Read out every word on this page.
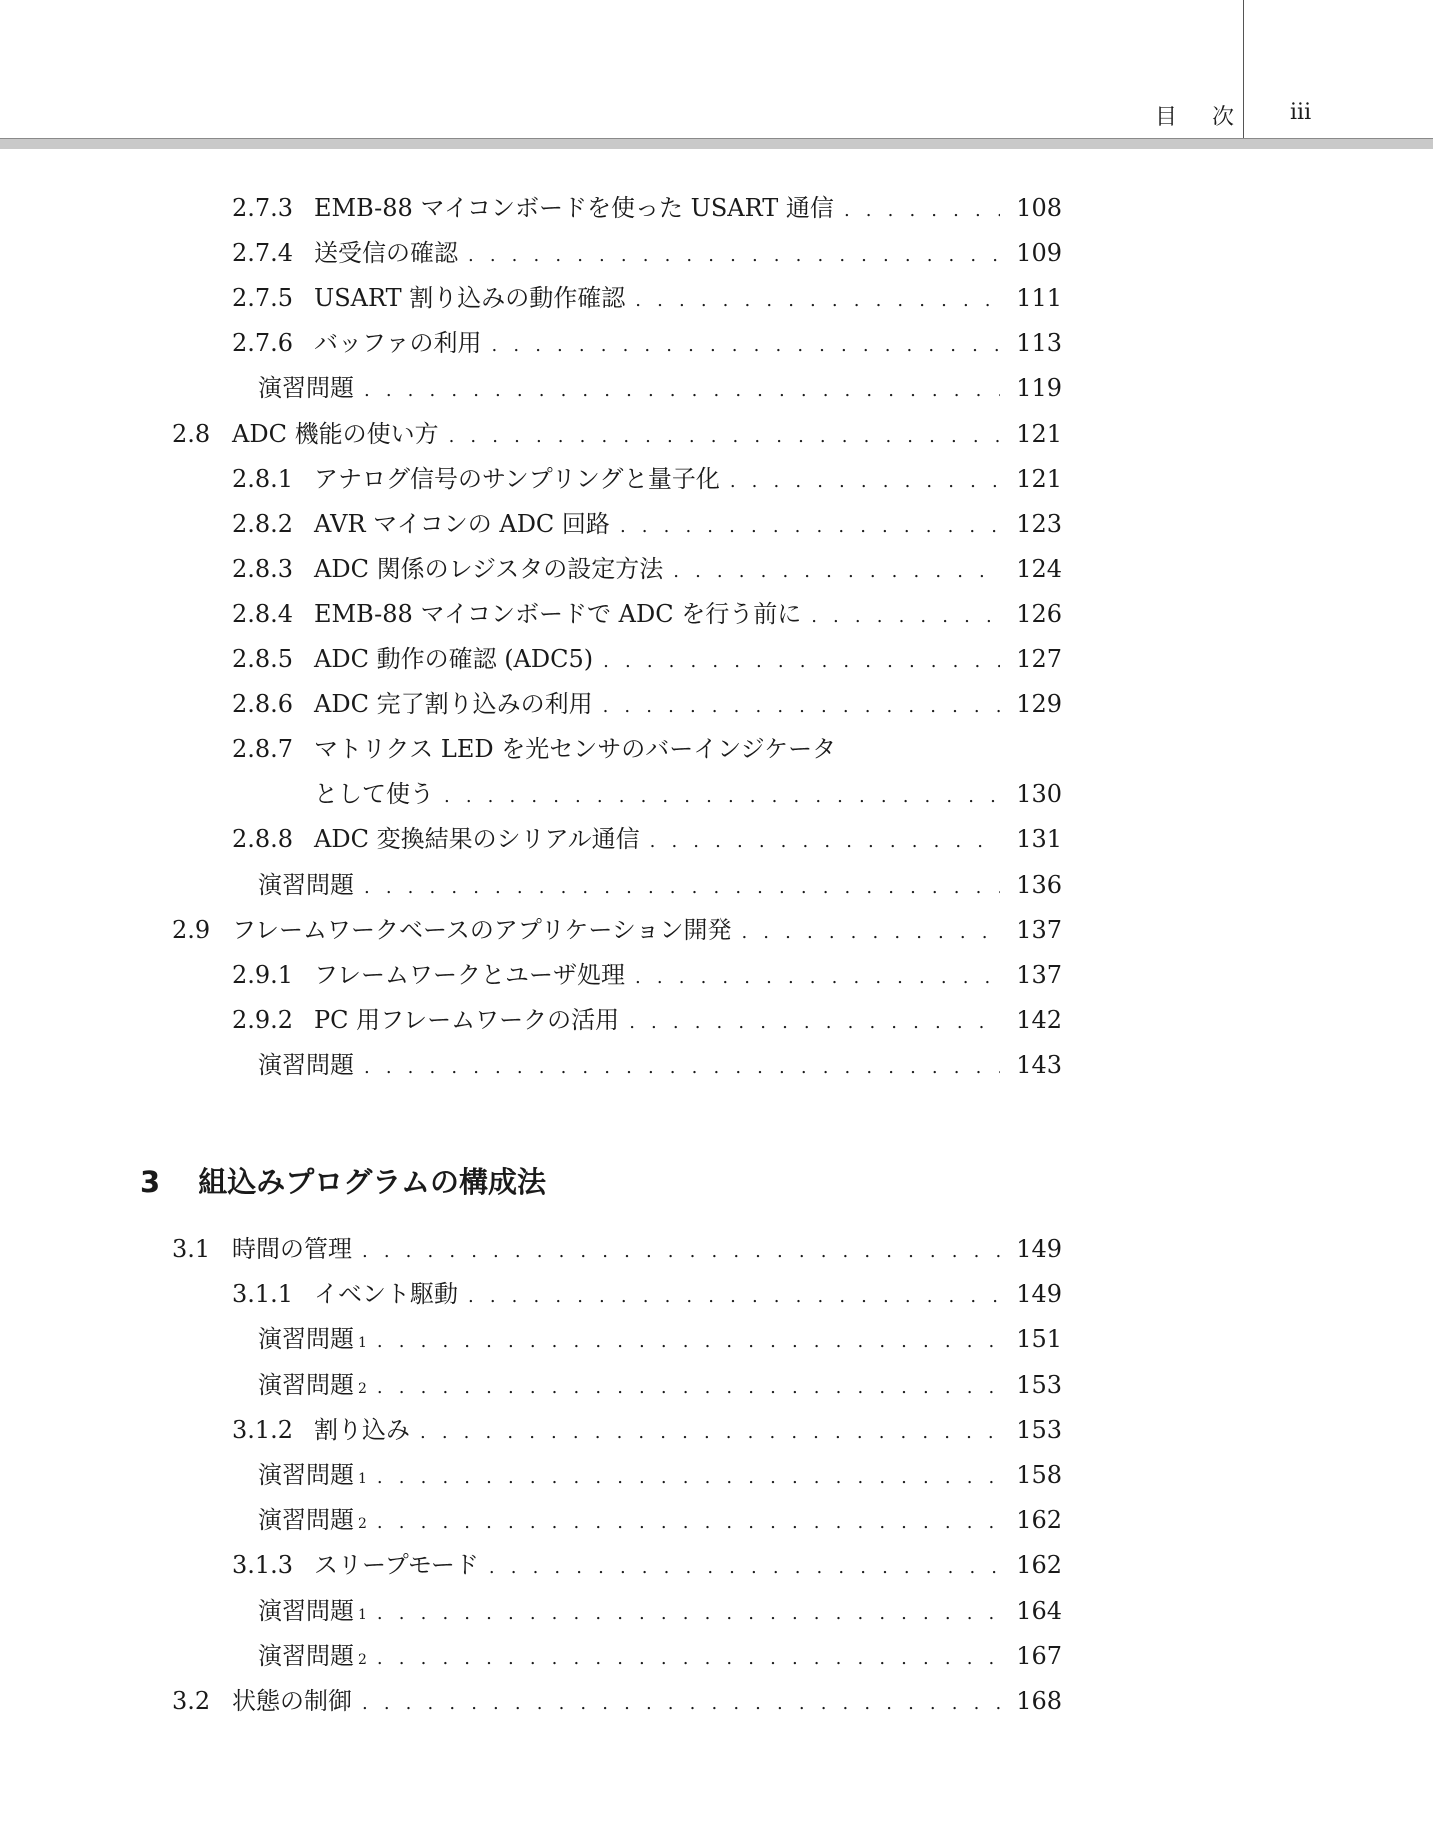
目 次 iii
2.7.3 EMB-88 マイコンボードを使った USART 通信 . . .	108
2.7.4 送受信の確認 . . .	109
2.7.5 USART 割り込みの動作確認 . . .	111
2.7.6 バッファの利用 . . .	113
演習問題 . . .	119
2.8 ADC 機能の使い方 . . .	121
2.8.1 アナログ信号のサンプリングと量子化 . . .	121
2.8.2 AVR マイコンの ADC 回路 . . .	123
2.8.3 ADC 関係のレジスタの設定方法 . . .	124
2.8.4 EMB-88 マイコンボードで ADC を行う前に . . .	126
2.8.5 ADC 動作の確認 (ADC5) . . .	127
2.8.6 ADC 完了割り込みの利用 . . .	129
2.8.7 マトリクス LED を光センサのバーインジケータ
として使う . . .	130
2.8.8 ADC 変換結果のシリアル通信 . . .	131
演習問題 . . .	136
2.9 フレームワークベースのアプリケーション開発 . . .	137
2.9.1 フレームワークとユーザ処理 . . .	137
2.9.2 PC 用フレームワークの活用 . . .	142
演習問題 . . .	143
3 組込みプログラムの構成法
3.1 時間の管理 . . .	149
3.1.1 イベント駆動 . . .	149
演習問題 1 . . .	151
演習問題 2 . . .	153
3.1.2 割り込み . . .	153
演習問題 1 . . .	158
演習問題 2 . . .	162
3.1.3 スリープモード . . .	162
演習問題 1 . . .	164
演習問題 2 . . .	167
3.2 状態の制御 . . .	168
